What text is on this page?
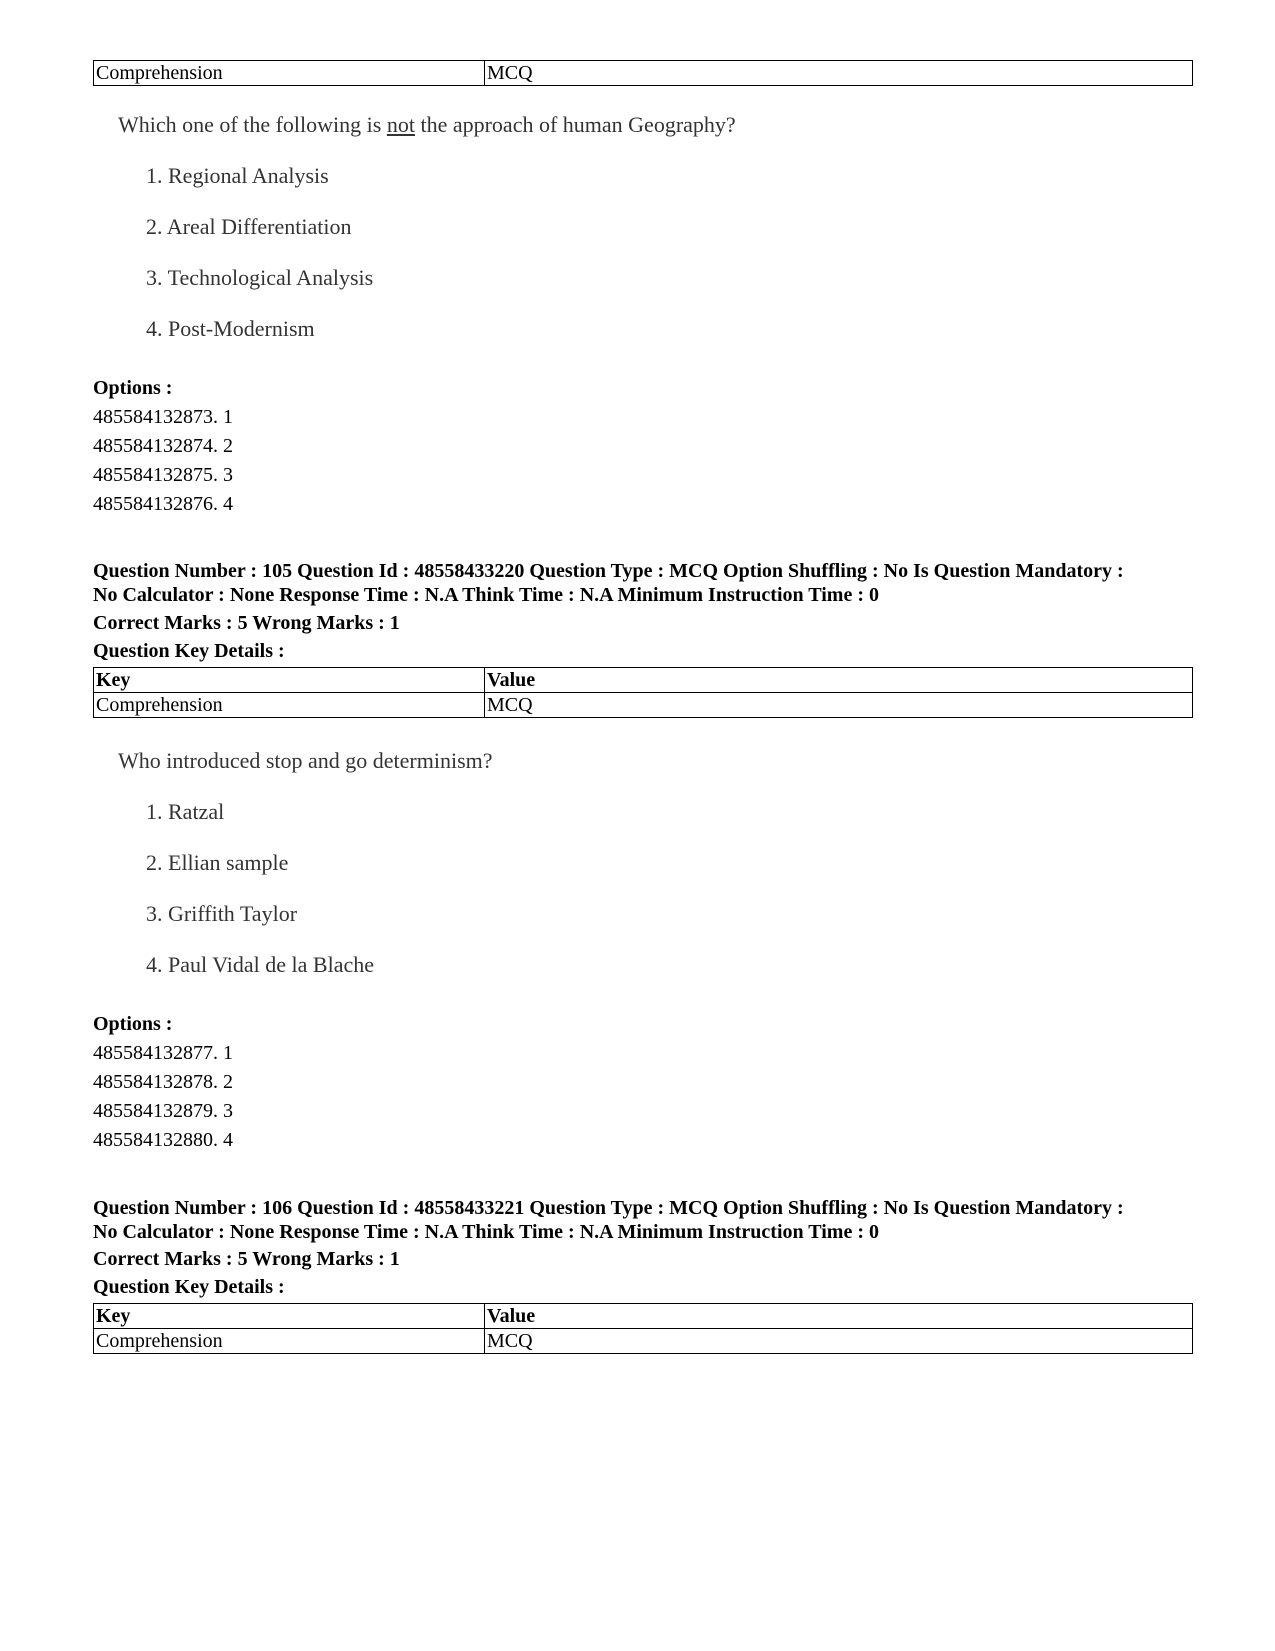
Comprehension	MCQ
Which one of the following is not the approach of human Geography?
1. Regional Analysis
2. Areal Differentiation
3. Technological Analysis
4. Post-Modernism
Options :
485584132873. 1
485584132874. 2
485584132875. 3
485584132876. 4
Question Number : 105 Question Id : 48558433220 Question Type : MCQ Option Shuffling : No Is Question Mandatory :
No Calculator : None Response Time : N.A Think Time : N.A Minimum Instruction Time : 0
Correct Marks : 5 Wrong Marks : 1
Question Key Details :
Key	Value
Comprehension	MCQ
Who introduced stop and go determinism?
1. Ratzal
2. Ellian sample
3. Griffith Taylor
4. Paul Vidal de la Blache
Options :
485584132877. 1
485584132878. 2
485584132879. 3
485584132880. 4
Question Number : 106 Question Id : 48558433221 Question Type : MCQ Option Shuffling : No Is Question Mandatory :
No Calculator : None Response Time : N.A Think Time : N.A Minimum Instruction Time : 0
Correct Marks : 5 Wrong Marks : 1
Question Key Details :
Key	Value
Comprehension	MCQ
